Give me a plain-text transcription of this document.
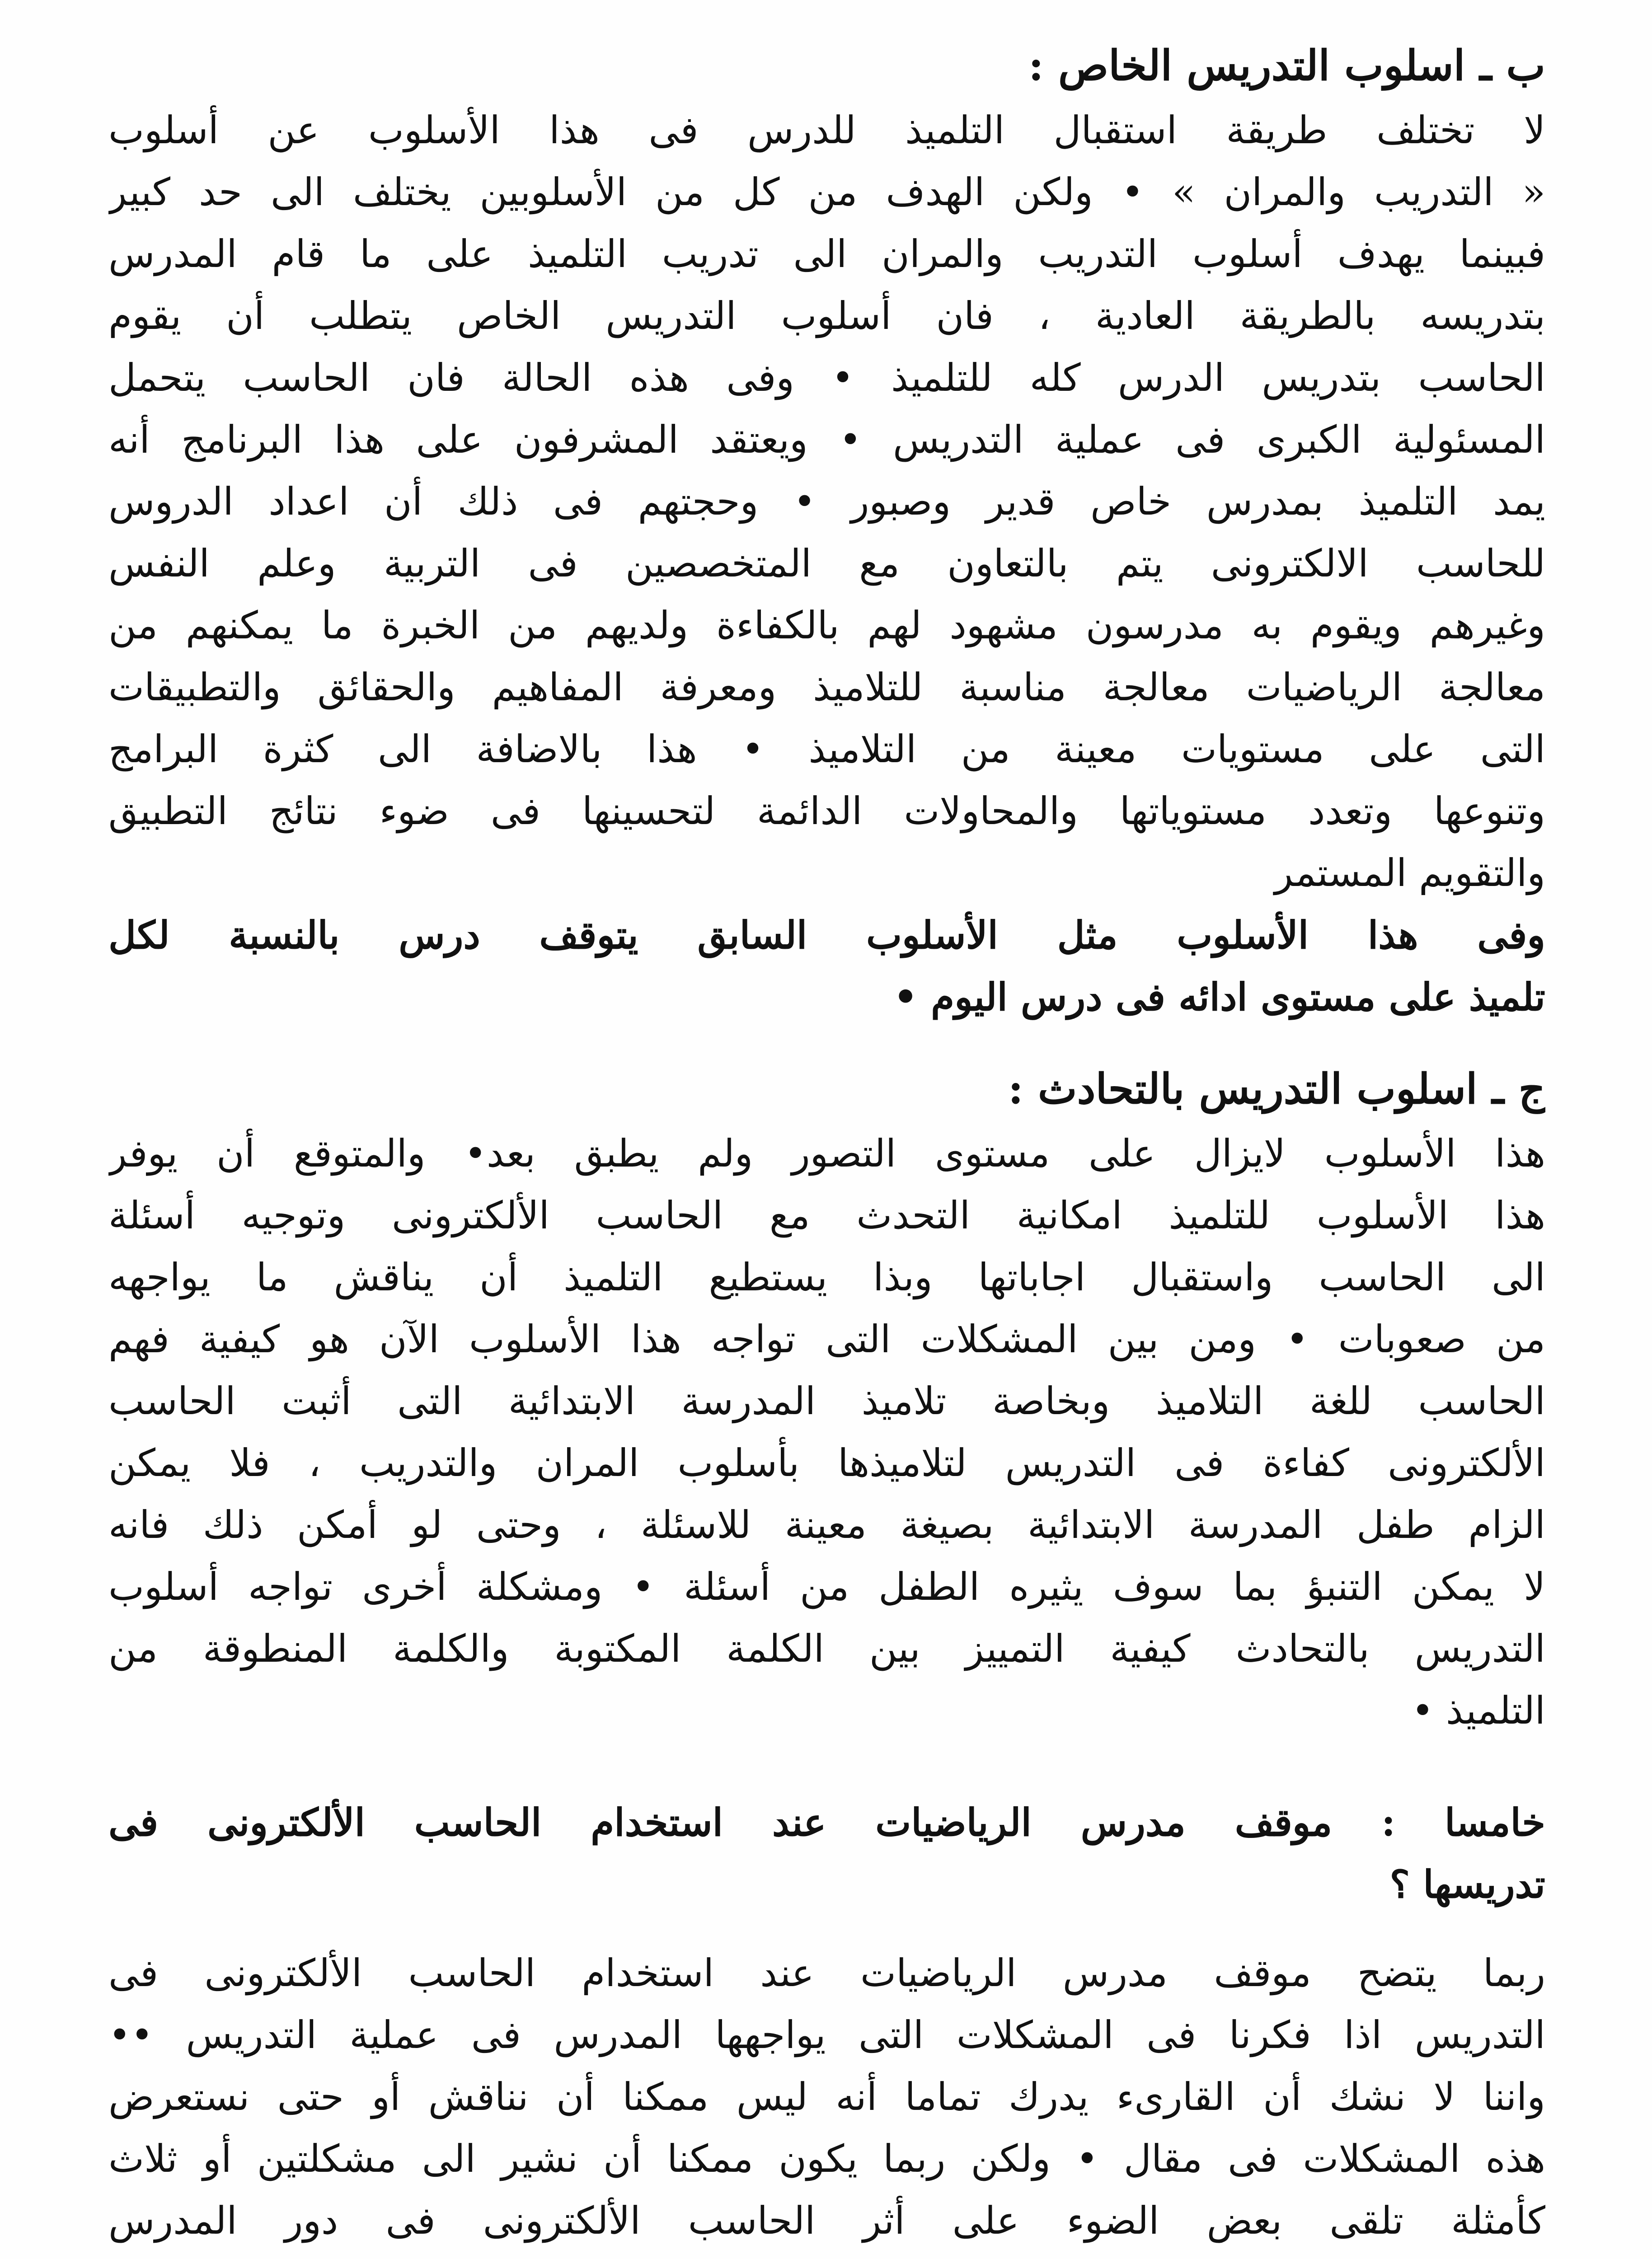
ب ـ اسلوب التدريس الخاص :
لا تختلف طريقة استقبال التلميذ للدرس فى هذا الأسلوب عن أسلوب
« التدريب والمران » • ولكن الهدف من كل من الأسلوبين يختلف الى حد كبير
فبينما يهدف أسلوب التدريب والمران الى تدريب التلميذ على ما قام المدرس
بتدريسه بالطريقة العادية ، فان أسلوب التدريس الخاص يتطلب أن يقوم
الحاسب بتدريس الدرس كله للتلميذ • وفى هذه الحالة فان الحاسب يتحمل
المسئولية الكبرى فى عملية التدريس • ويعتقد المشرفون على هذا البرنامج أنه
يمد التلميذ بمدرس خاص قدير وصبور • وحجتهم فى ذلك أن اعداد الدروس
للحاسب الالكترونى يتم بالتعاون مع المتخصصين فى التربية وعلم النفس
وغيرهم ويقوم به مدرسون مشهود لهم بالكفاءة ولديهم من الخبرة ما يمكنهم من
معالجة الرياضيات معالجة مناسبة للتلاميذ ومعرفة المفاهيم والحقائق والتطبيقات
التى على مستويات معينة من التلاميذ • هذا بالاضافة الى كثرة البرامج
وتنوعها وتعدد مستوياتها والمحاولات الدائمة لتحسينها فى ضوء نتائج التطبيق
والتقويم المستمر
وفى هذا الأسلوب مثل الأسلوب السابق يتوقف درس بالنسبة لكل
تلميذ على مستوى ادائه فى درس اليوم •
ج ـ اسلوب التدريس بالتحادث :
هذا الأسلوب لايزال على مستوى التصور ولم يطبق بعد• والمتوقع أن يوفر
هذا الأسلوب للتلميذ امكانية التحدث مع الحاسب الألكترونى وتوجيه أسئلة
الى الحاسب واستقبال اجاباتها وبذا يستطيع التلميذ أن يناقش ما يواجهه
من صعوبات • ومن بين المشكلات التى تواجه هذا الأسلوب الآن هو كيفية فهم
الحاسب للغة التلاميذ وبخاصة تلاميذ المدرسة الابتدائية التى أثبت الحاسب
الألكترونى كفاءة فى التدريس لتلاميذها بأسلوب المران والتدريب ، فلا يمكن
الزام طفل المدرسة الابتدائية بصيغة معينة للاسئلة ، وحتى لو أمكن ذلك فانه
لا يمكن التنبؤ بما سوف يثيره الطفل من أسئلة • ومشكلة أخرى تواجه أسلوب
التدريس بالتحادث كيفية التمييز بين الكلمة المكتوبة والكلمة المنطوقة من
التلميذ •
خامسا : موقف مدرس الرياضيات عند استخدام الحاسب الألكترونى فى
تدريسها ؟
ربما يتضح موقف مدرس الرياضيات عند استخدام الحاسب الألكترونى فى
التدريس اذا فكرنا فى المشكلات التى يواجهها المدرس فى عملية التدريس ••
واننا لا نشك أن القارىء يدرك تماما أنه ليس ممكنا أن نناقش أو حتى نستعرض
هذه المشكلات فى مقال • ولكن ربما يكون ممكنا أن نشير الى مشكلتين أو ثلاث
كأمثلة تلقى بعض الضوء على أثر الحاسب الألكترونى فى دور المدرس
